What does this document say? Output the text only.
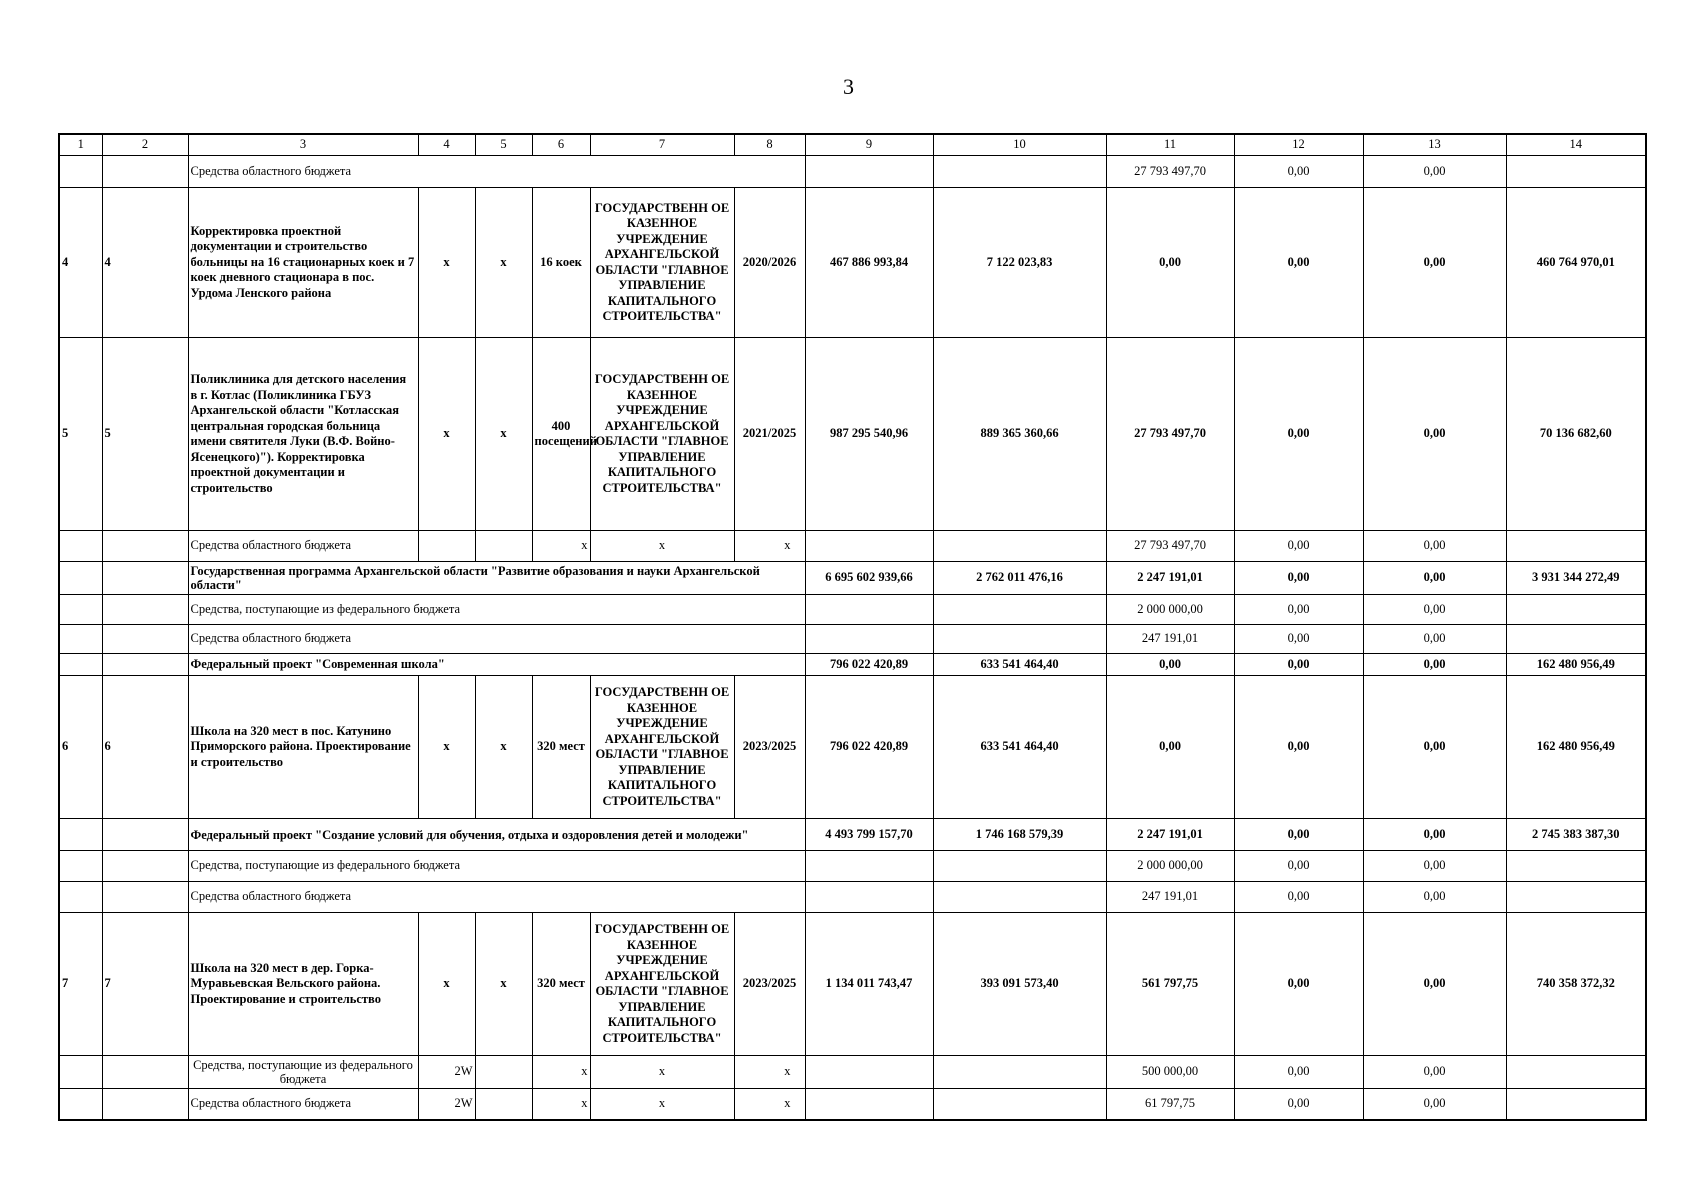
3
1	2	3	4	5	6	7	8	9	10	11	12	13	14
		Средства областного бюджета								27 793 497,70	0,00	0,00	
4	4	Корректировка проектной документации и строительство больницы на 16 стационарных коек и 7 коек дневного стационара в пос. Урдома Ленского района	х	х	16 коек	ГОСУДАРСТВЕНН ОЕ КАЗЕННОЕ УЧРЕЖДЕНИЕ АРХАНГЕЛЬСКОЙ ОБЛАСТИ "ГЛАВНОЕ УПРАВЛЕНИЕ КАПИТАЛЬНОГО СТРОИТЕЛЬСТВА"	2020/2026	467 886 993,84	7 122 023,83	0,00	0,00	0,00	460 764 970,01
5	5	Поликлиника для детского населения в г. Котлас (Поликлиника ГБУЗ Архангельской области "Котласская центральная городская больница имени святителя Луки (В.Ф. Войно-Ясенецкого)"). Корректировка проектной документации и строительство	х	х	400 посещений	ГОСУДАРСТВЕНН ОЕ КАЗЕННОЕ УЧРЕЖДЕНИЕ АРХАНГЕЛЬСКОЙ ОБЛАСТИ "ГЛАВНОЕ УПРАВЛЕНИЕ КАПИТАЛЬНОГО СТРОИТЕЛЬСТВА"	2021/2025	987 295 540,96	889 365 360,66	27 793 497,70	0,00	0,00	70 136 682,60
		Средства областного бюджета			х	х	х			27 793 497,70	0,00	0,00	
		Государственная программа Архангельской области "Развитие образования и науки Архангельской области"						6 695 602 939,66	2 762 011 476,16	2 247 191,01	0,00	0,00	3 931 344 272,49
		Средства, поступающие из федерального бюджета								2 000 000,00	0,00	0,00	
		Средства областного бюджета								247 191,01	0,00	0,00	
		Федеральный проект "Современная школа"						796 022 420,89	633 541 464,40	0,00	0,00	0,00	162 480 956,49
6	6	Школа на 320 мест в пос. Катунино Приморского района. Проектирование и строительство	х	х	320 мест	ГОСУДАРСТВЕНН ОЕ КАЗЕННОЕ УЧРЕЖДЕНИЕ АРХАНГЕЛЬСКОЙ ОБЛАСТИ "ГЛАВНОЕ УПРАВЛЕНИЕ КАПИТАЛЬНОГО СТРОИТЕЛЬСТВА"	2023/2025	796 022 420,89	633 541 464,40	0,00	0,00	0,00	162 480 956,49
		Федеральный проект "Создание условий для обучения, отдыха и оздоровления детей и молодежи"						4 493 799 157,70	1 746 168 579,39	2 247 191,01	0,00	0,00	2 745 383 387,30
		Средства, поступающие из федерального бюджета								2 000 000,00	0,00	0,00	
		Средства областного бюджета								247 191,01	0,00	0,00	
7	7	Школа на 320 мест в дер. Горка-Муравьевская Вельского района. Проектирование и строительство	х	х	320 мест	ГОСУДАРСТВЕНН ОЕ КАЗЕННОЕ УЧРЕЖДЕНИЕ АРХАНГЕЛЬСКОЙ ОБЛАСТИ "ГЛАВНОЕ УПРАВЛЕНИЕ КАПИТАЛЬНОГО СТРОИТЕЛЬСТВА"	2023/2025	1 134 011 743,47	393 091 573,40	561 797,75	0,00	0,00	740 358 372,32
		Средства, поступающие из федерального бюджета	2W		х	х	х			500 000,00	0,00	0,00	
		Средства областного бюджета	2W		х	х	х			61 797,75	0,00	0,00	
